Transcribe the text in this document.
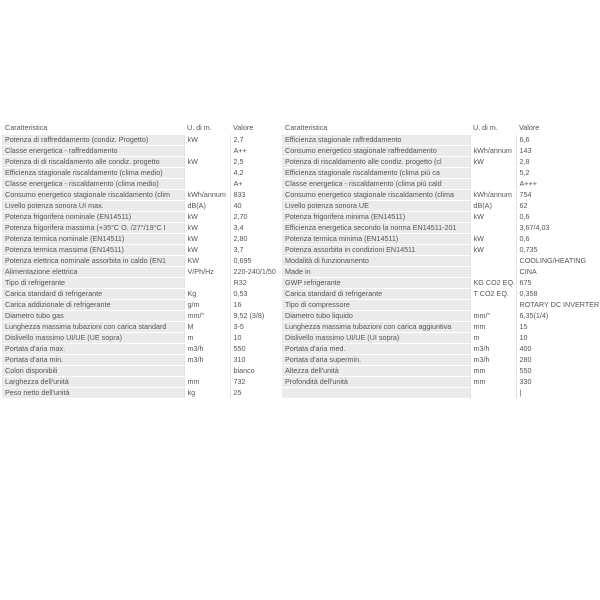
Caratteristica	U. di m.	Valore	Caratteristica	U. di m.	Valore
Potenza di raffreddamento (condiz. Progetto)	kW	2,7	Efficienza stagionale raffreddamento		6,6
Classe energetica - raffreddamento		A++	Consumo energetico stagionale raffreddamento	kWh/annum	143
Potenza di di riscaldamento alle condiz. progetto	kW	2,5	Potenza di riscaldamento alle condiz. progetto (cl	kW	2,8
Efficienza stagionale riscaldamento (clima medio)		4,2	Efficienza stagionale riscaldamento (clima più ca		5,2
Classe energetica - riscaldamento (clima medio)		A+	Classe energetica - riscaldamento (clima più cald		A+++
Consumo energetico stagionale riscaldamento (clim	kWh/annum	833	Consumo energetico stagionale riscaldamento (clima	kWh/annum	754
Livello potenza sonora UI max.	dB(A)	40	Livello potenza sonora UE	dB(A)	62
Potenza frigorifera nominale (EN14511)	kW	2,70	Potenza frigorifera minima (EN14511)	kW	0,6
Potenza frigorifera massima (+35°C O. /27°/19°C I	kW	3,4	Efficienza energetica secondo la norma EN14511-201		3,67/4,03
Potenza termica nominale (EN14511)	kW	2,80	Potenza termica minima (EN14511)	kW	0,6
Potenza termica massima (EN14511)	kW	3,7	Potenza assorbita in condizioni EN14511	kW	0,735
Potenza elettrica nominale assorbita in caldo (EN1	KW	0,695	Modalità di funzionamento		COOLING/HEATING
Alimentazione elettrica	V/Ph/Hz	220-240/1/50	Made in		CINA
Tipo di refrigerante		R32	GWP refrigerante	KG CO2 EQ.	675
Carica standard di refrigerante	Kg	0,53	Carica standard di refrigerante	T CO2 EQ.	0,358
Carica addizionale di refrigerante	g/m	16	Tipo di compressore		ROTARY DC INVERTER
Diametro tubo gas	mm/"	9,52 (3/8)	Diametro tubo liquido	mm/"	6,35(1/4)
Lunghezza massima tubazioni con carica standard	M	3-5	Lunghezza massima tubazioni con carica aggiuntiva	mm	15
Dislivello massimo UI/UE (UE sopra)	m	10	Dislivello massimo UI/UE (UI sopra)	m	10
Portata d'aria max.	m3/h	550	Portata d'aria med.	m3/h	400
Portata d'aria min.	m3/h	310	Portata d'aria supermin.	m3/h	280
Colori disponibili		bianco	Altezza dell'unità	mm	550
Larghezza dell'unità	mm	732	Profondità dell'unità	mm	330
Peso netto dell'unità	kg	25			|
